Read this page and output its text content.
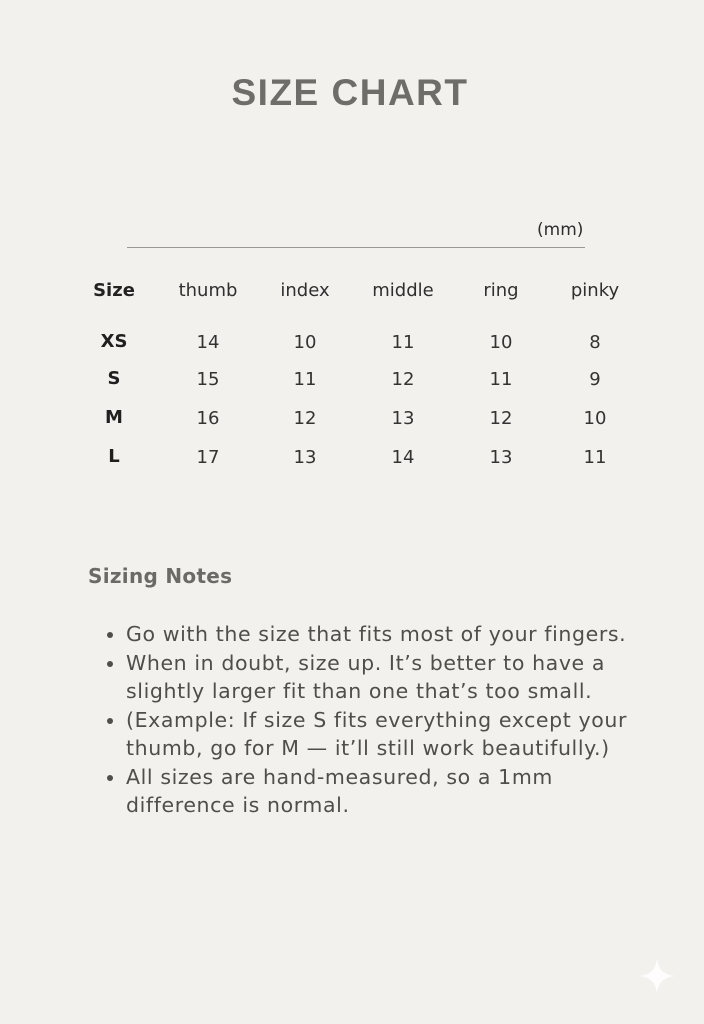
SIZE CHART
(mm)
Size	thumb	index	middle	ring	pinky
XS	14	10	11	10	8
S	15	11	12	11	9
M	16	12	13	12	10
L	17	13	14	13	11
Sizing Notes
Go with the size that fits most of your fingers.
When in doubt, size up. It’s better to have a slightly larger fit than one that’s too small.
(Example: If size S fits everything except your thumb, go for M — it’ll still work beautifully.)
All sizes are hand-measured, so a 1mm difference is normal.
